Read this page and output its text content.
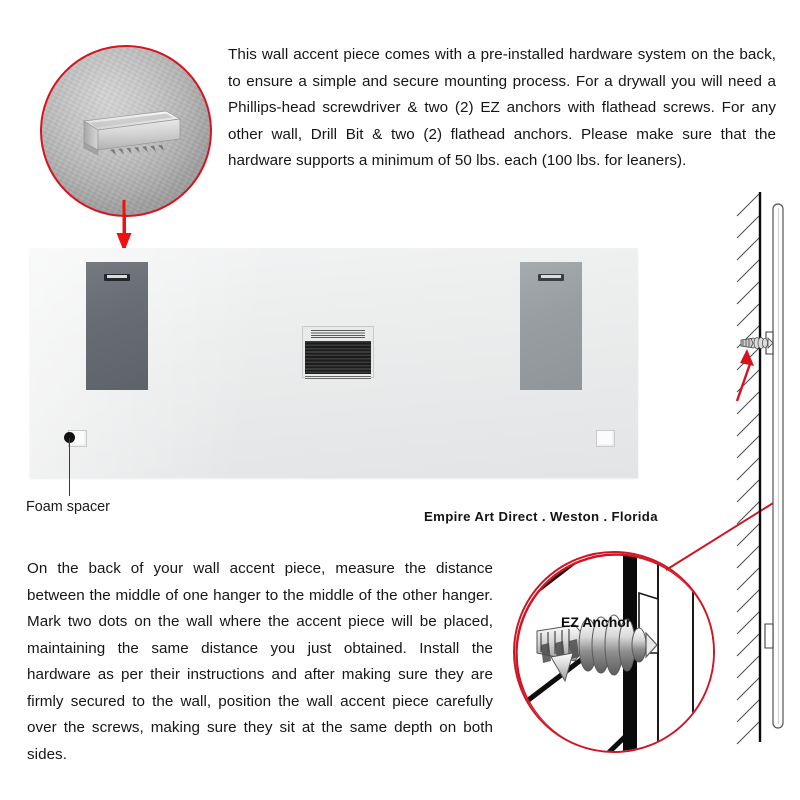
This wall accent piece comes with a pre-installed hardware system on the back, to ensure a simple and secure mounting process. For a drywall you will need a Phillips-head screwdriver & two (2) EZ anchors with flathead screws. For any other wall, Drill Bit & two (2) flathead anchors. Please make sure that the hardware supports a minimum of 50 lbs. each (100 lbs. for leaners).
Foam spacer
Empire Art Direct . Weston . Florida
On the back of your wall accent piece, measure the distance between the middle of one hanger to the middle of the other hanger. Mark two dots on the wall where the accent piece will be placed, maintaining the same distance you just obtained. Install the hardware as per their instructions and after making sure they are firmly secured to the wall, position the wall accent piece carefully over the screws, making sure they sit at the same depth on both sides.
EZ Anchor
